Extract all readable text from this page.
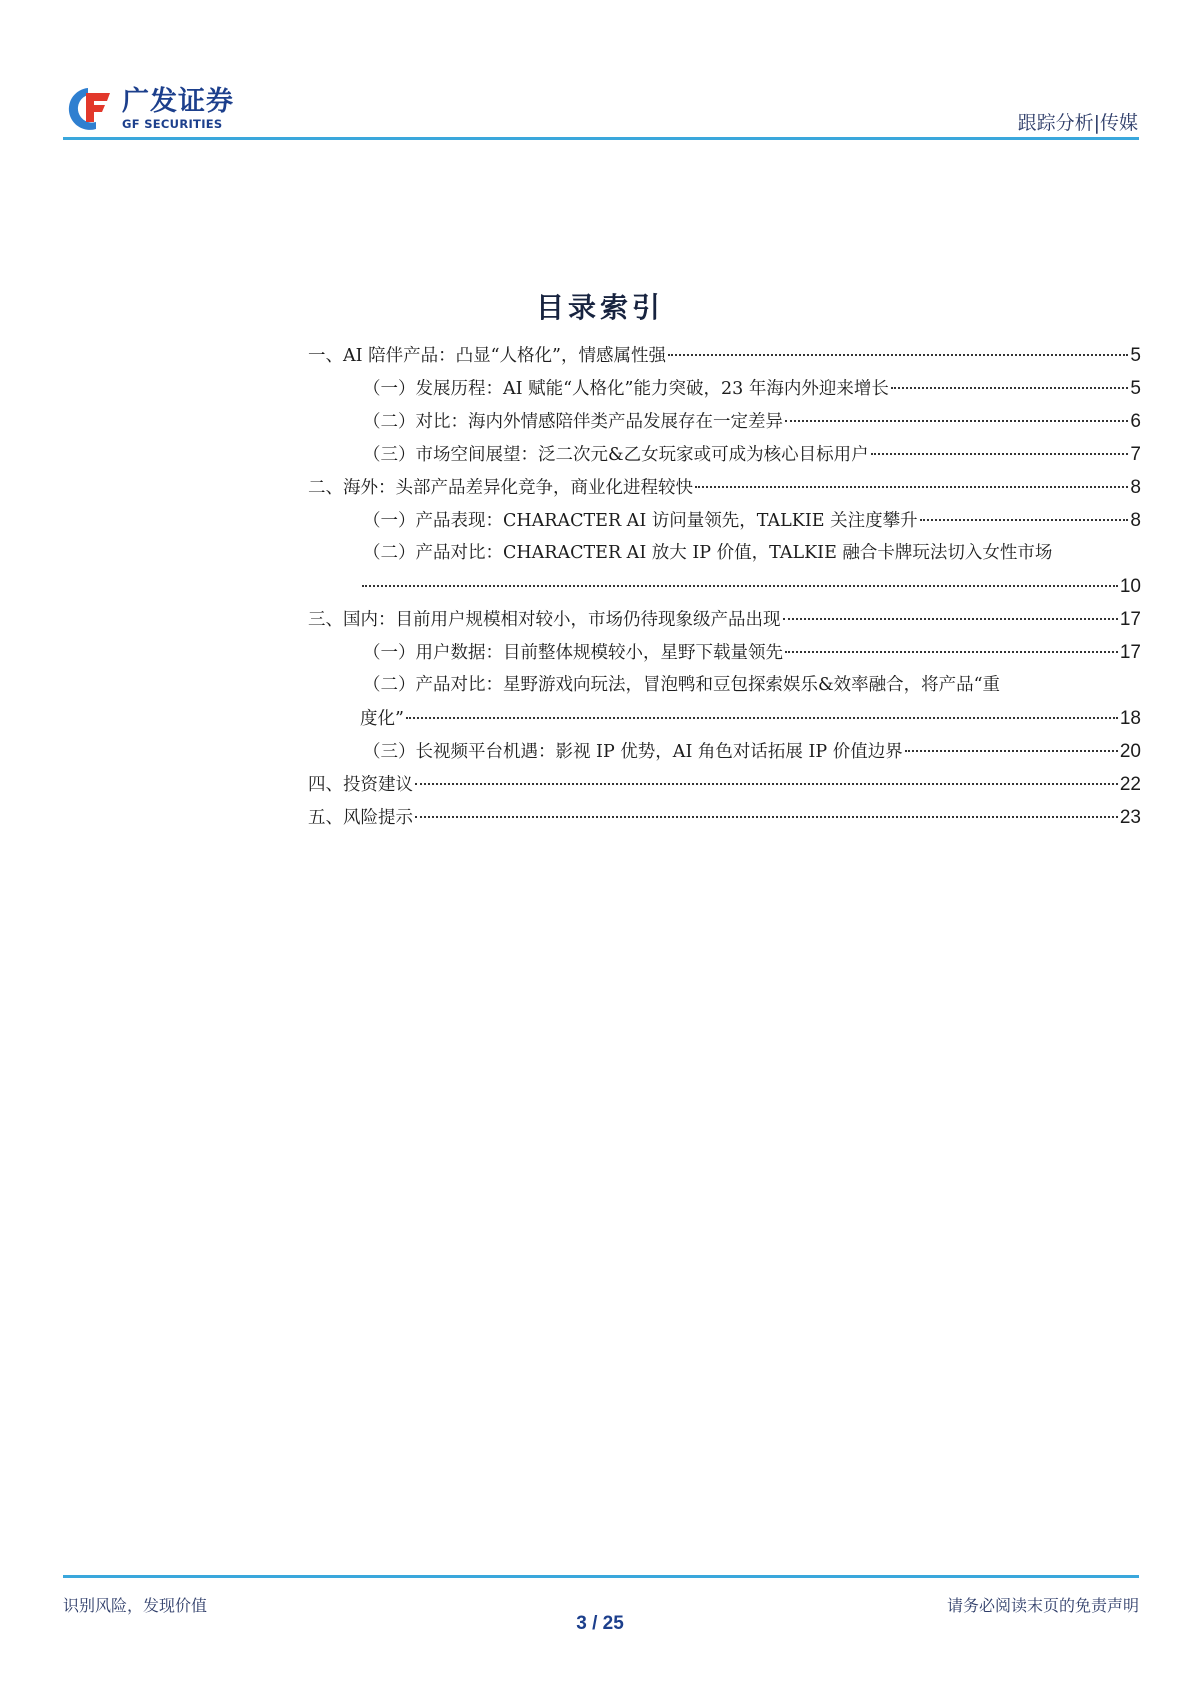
广发证券
GF SECURITIES	跟踪分析|传媒
目录索引
一、AI 陪伴产品：凸显“人格化”，情感属性强	5
（一）发展历程：AI 赋能“人格化”能力突破，23 年海内外迎来增长	5
（二）对比：海内外情感陪伴类产品发展存在一定差异	6
（三）市场空间展望：泛二次元&乙女玩家或可成为核心目标用户	7
二、海外：头部产品差异化竞争，商业化进程较快	8
（一）产品表现：CHARACTER AI 访问量领先，TALKIE 关注度攀升	8
（二）产品对比：CHARACTER AI 放大 IP 价值，TALKIE 融合卡牌玩法切入女性市场
10
三、国内：目前用户规模相对较小，市场仍待现象级产品出现	17
（一）用户数据：目前整体规模较小，星野下载量领先	17
（二）产品对比：星野游戏向玩法，冒泡鸭和豆包探索娱乐&效率融合，将产品“重
度化”	18
（三）长视频平台机遇：影视 IP 优势，AI 角色对话拓展 IP 价值边界	20
四、投资建议	22
五、风险提示	23
识别风险，发现价值	请务必阅读末页的免责声明
3 / 25
